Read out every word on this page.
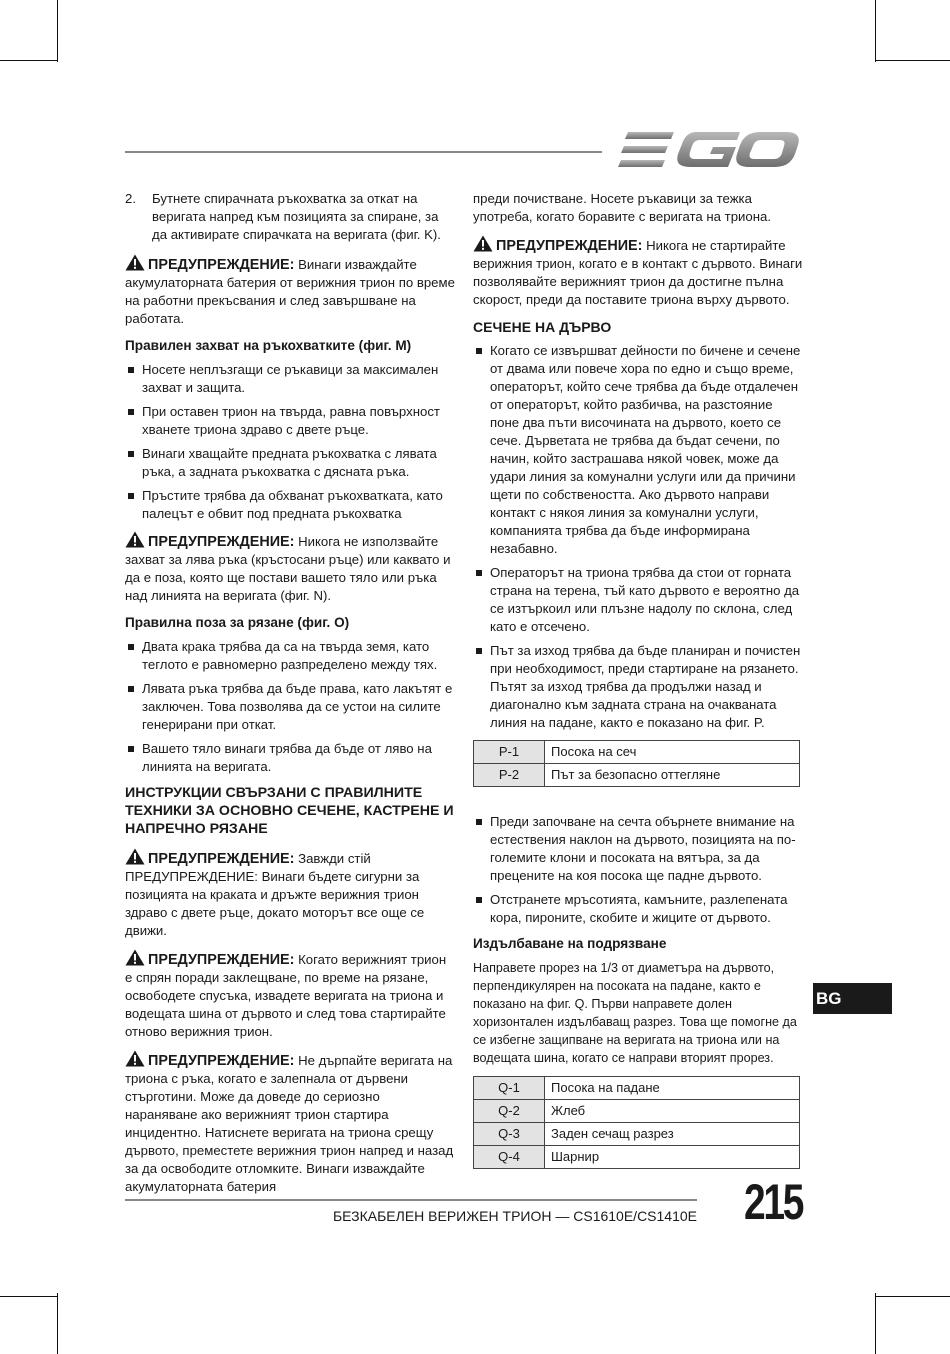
2.	Бутнете спирачната ръкохватка за откат на веригата напред към позицията за спиране, за да активирате спирачката на веригата (фиг. K).
ПРЕДУПРЕЖДЕНИЕ: Винаги изваждайте акумулаторната батерия от верижния трион по време на работни прекъсвания и след завършване на работата.
Правилен захват на ръкохватките (фиг. M)
Носете неплъзгащи се ръкавици за максимален захват и защита.
При оставен трион на твърда, равна повърхност хванете триона здраво с двете ръце.
Винаги хващайте предната ръкохватка с лявата ръка, а задната ръкохватка с дясната ръка.
Пръстите трябва да обхванат ръкохватката, като палецът е обвит под предната ръкохватка
ПРЕДУПРЕЖДЕНИЕ: Никога не използвайте захват за лява ръка (кръстосани ръце) или каквато и да е поза, която ще постави вашето тяло или ръка над линията на веригата (фиг. N).
Правилна поза за рязане (фиг. O)
Двата крака трябва да са на твърда земя, като теглото е равномерно разпределено между тях.
Лявата ръка трябва да бъде права, като лакътят е заключен. Това позволява да се устои на силите генерирани при откат.
Вашето тяло винаги трябва да бъде от ляво на линията на веригата.
ИНСТРУКЦИИ СВЪРЗАНИ С ПРАВИЛНИТЕ ТЕХНИКИ ЗА ОСНОВНО СЕЧЕНЕ, КАСТРЕНЕ И НАПРЕЧНО РЯЗАНЕ
ПРЕДУПРЕЖДЕНИЕ: Завжди стій ПРЕДУПРЕЖДЕНИЕ: Винаги бъдете сигурни за позицията на краката и дръжте верижния трион здраво с двете ръце, докато моторът все още се движи.
ПРЕДУПРЕЖДЕНИЕ: Когато верижният трион е спрян поради заклещване, по време на рязане, освободете спусъка, извадете веригата на триона и водещата шина от дървото и след това стартирайте отново верижния трион.
ПРЕДУПРЕЖДЕНИЕ: Не дърпайте веригата на триона с ръка, когато е залепнала от дървени стърготини. Може да доведе до сериозно нараняване ако верижният трион стартира инцидентно. Натиснете веригата на триона срещу дървото, преместете верижния трион напред и назад за да освободите отломките. Винаги изваждайте акумулаторната батерия

преди почистване. Носете ръкавици за тежка употреба, когато боравите с веригата на триона.

ПРЕДУПРЕЖДЕНИЕ: Никога не стартирайте верижния трион, когато е в контакт с дървото. Винаги позволявайте верижният трион да достигне пълна скорост, преди да поставите триона върху дървото.
СЕЧЕНЕ НА ДЪРВО
Когато се извършват дейности по бичене и сечене от двама или повече хора по едно и също време, операторът, който сече трябва да бъде отдалечен от операторът, който разбичва, на разстояние поне два пъти височината на дървото, което се сече. Дърветата не трябва да бъдат сечени, по начин, който застрашава някой човек, може да удари линия за комунални услуги или да причини щети по собствеността. Ако дървото направи контакт с някоя линия за комунални услуги, компанията трябва да бъде информирана незабавно.
Операторът на триона трябва да стои от горната страна на терена, тъй като дървото е вероятно да се изтъркоил или плъзне надолу по склона, след като е отсечено.
Път за изход трябва да бъде планиран и почистен при необходимост, преди стартиране на рязането. Пътят за изход трябва да продължи назад и диагонално към задната страна на очакваната линия на падане, както е показано на фиг. P.
P-1	Посока на сеч
P-2	Път за безопасно оттегляне
Преди започване на сечта обърнете внимание на естествения наклон на дървото, позицията на по-големите клони и посоката на вятъра, за да прецените на коя посока ще падне дървото.
Отстранете мръсотията, камъните, разлепената кора, пироните, скобите и жиците от дървото.
Издълбаване на подрязване

Направете прорез на 1/3 от диаметъра на дървото, перпендикулярен на посоката на падане, както е показано на фиг. Q. Първи направете долен хоризонтален издълбаващ разрез. Това ще помогне да се избегне защипване на веригата на триона или на водещата шина, когато се направи вторият прорез.

Q-1	Посока на падане
Q-2	Жлеб
Q-3	Заден сечащ разрез
Q-4	Шарнир
BG
БЕЗКАБЕЛЕН ВЕРИЖЕН ТРИОН — CS1610E/CS1410E 215
